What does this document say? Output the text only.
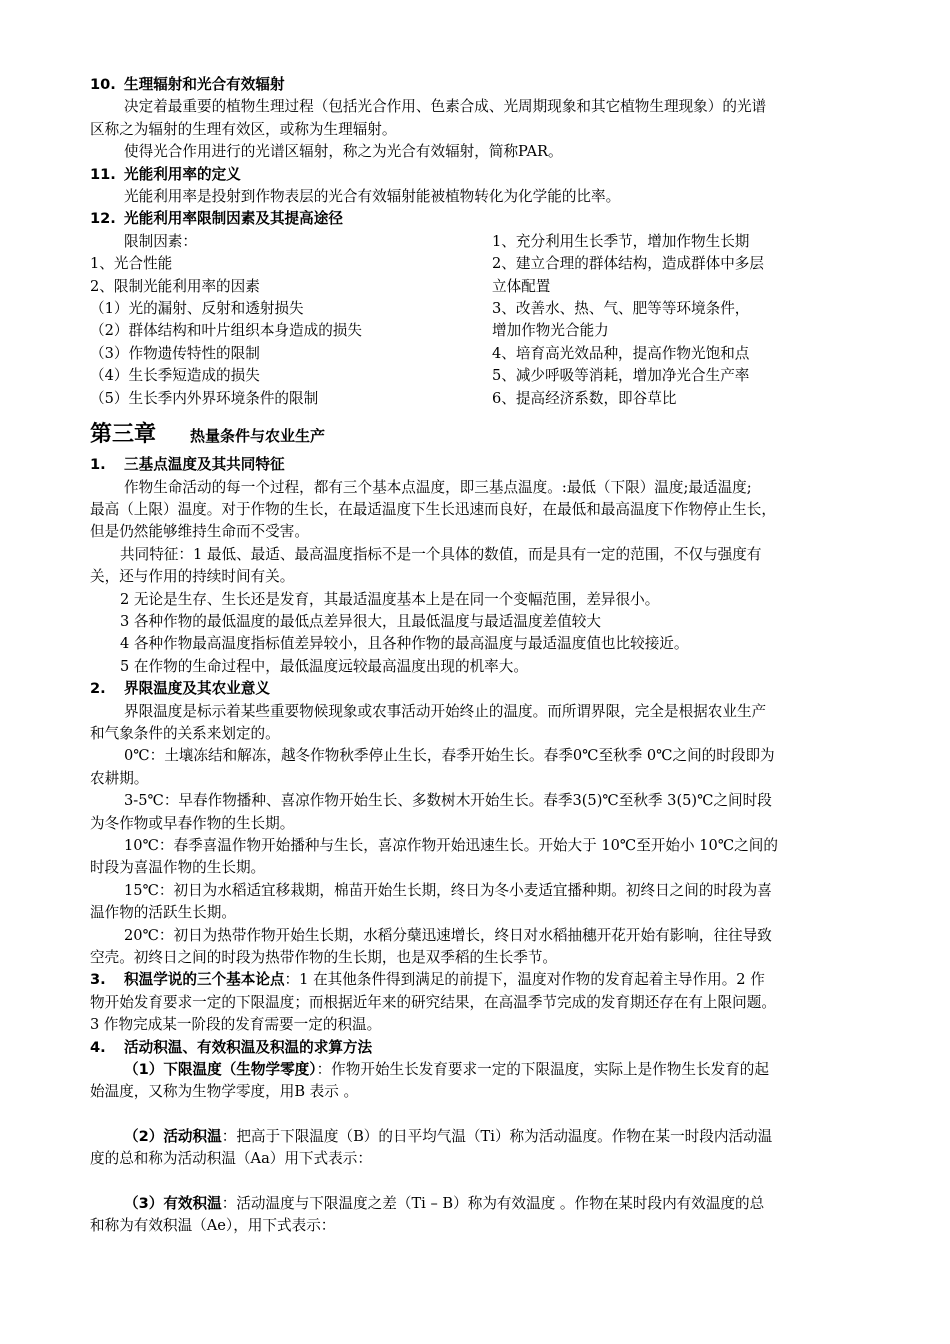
10. 生理辐射和光合有效辐射
决定着最重要的植物生理过程（包括光合作用、色素合成、光周期现象和其它植物生理现象）的光谱
区称之为辐射的生理有效区，或称为生理辐射。
使得光合作用进行的光谱区辐射，称之为光合有效辐射，简称PAR。
11. 光能利用率的定义
光能利用率是投射到作物表层的光合有效辐射能被植物转化为化学能的比率。
12. 光能利用率限制因素及其提高途径
限制因素：
1、光合性能
2、限制光能利用率的因素
（1）光的漏射、反射和透射损失
（2）群体结构和叶片组织本身造成的损失
（3）作物遗传特性的限制
（4）生长季短造成的损失
（5）生长季内外界环境条件的限制
1、充分利用生长季节，增加作物生长期
2、建立合理的群体结构，造成群体中多层
立体配置
3、改善水、热、气、肥等等环境条件，
增加作物光合能力
4、培育高光效品种，提高作物光饱和点
5、减少呼吸等消耗，增加净光合生产率
6、提高经济系数，即谷草比
第三章 热量条件与农业生产
1. 三基点温度及其共同特征
作物生命活动的每一个过程，都有三个基本点温度，即三基点温度。:最低（下限）温度;最适温度;
最高（上限）温度。对于作物的生长，在最适温度下生长迅速而良好，在最低和最高温度下作物停止生长，
但是仍然能够维持生命而不受害。
共同特征：1 最低、最适、最高温度指标不是一个具体的数值，而是具有一定的范围，不仅与强度有
关，还与作用的持续时间有关。
2 无论是生存、生长还是发育，其最适温度基本上是在同一个变幅范围，差异很小。
3 各种作物的最低温度的最低点差异很大，且最低温度与最适温度差值较大
4 各种作物最高温度指标值差异较小，且各种作物的最高温度与最适温度值也比较接近。
5 在作物的生命过程中，最低温度远较最高温度出现的机率大。
2. 界限温度及其农业意义
界限温度是标示着某些重要物候现象或农事活动开始终止的温度。而所谓界限，完全是根据农业生产
和气象条件的关系来划定的。
0℃：土壤冻结和解冻，越冬作物秋季停止生长，春季开始生长。春季0℃至秋季 0℃之间的时段即为
农耕期。
3-5℃：早春作物播种、喜凉作物开始生长、多数树木开始生长。春季3(5)℃至秋季 3(5)℃之间时段
为冬作物或早春作物的生长期。
10℃：春季喜温作物开始播种与生长，喜凉作物开始迅速生长。开始大于 10℃至开始小 10℃之间的
时段为喜温作物的生长期。
15℃：初日为水稻适宜移栽期，棉苗开始生长期，终日为冬小麦适宜播种期。初终日之间的时段为喜
温作物的活跃生长期。
20℃：初日为热带作物开始生长期，水稻分蘖迅速增长，终日对水稻抽穗开花开始有影响，往往导致
空壳。初终日之间的时段为热带作物的生长期，也是双季稻的生长季节。
3. 积温学说的三个基本论点：1 在其他条件得到满足的前提下，温度对作物的发育起着主导作用。2 作
物开始发育要求一定的下限温度；而根据近年来的研究结果，在高温季节完成的发育期还存在有上限问题。
3 作物完成某一阶段的发育需要一定的积温。
4. 活动积温、有效积温及积温的求算方法
（1）下限温度（生物学零度）：作物开始生长发育要求一定的下限温度，实际上是作物生长发育的起
始温度，又称为生物学零度，用B 表示 。
（2）活动积温：把高于下限温度（B）的日平均气温（Ti）称为活动温度。作物在某一时段内活动温
度的总和称为活动积温（Aa）用下式表示：
（3）有效积温：活动温度与下限温度之差（Ti – B）称为有效温度 。作物在某时段内有效温度的总
和称为有效积温（Ae），用下式表示：
